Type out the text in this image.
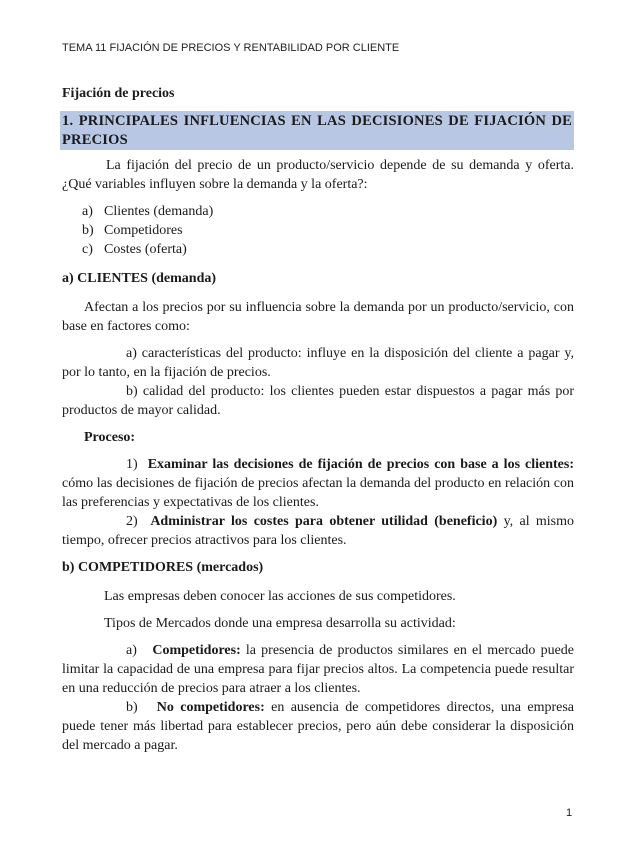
TEMA 11 FIJACIÓN DE PRECIOS Y RENTABILIDAD POR CLIENTE

Fijación de precios

1. PRINCIPALES INFLUENCIAS EN LAS DECISIONES DE FIJACIÓN DE PRECIOS

La fijación del precio de un producto/servicio depende de su demanda y oferta. ¿Qué variables influyen sobre la demanda y la oferta?:

a) Clientes (demanda)
b) Competidores
c) Costes (oferta)

a) CLIENTES (demanda)

Afectan a los precios por su influencia sobre la demanda por un producto/servicio, con base en factores como:

a) características del producto: influye en la disposición del cliente a pagar y, por lo tanto, en la fijación de precios.

b) calidad del producto: los clientes pueden estar dispuestos a pagar más por productos de mayor calidad.

Proceso:

1) Examinar las decisiones de fijación de precios con base a los clientes: cómo las decisiones de fijación de precios afectan la demanda del producto en relación con las preferencias y expectativas de los clientes.

2) Administrar los costes para obtener utilidad (beneficio) y, al mismo tiempo, ofrecer precios atractivos para los clientes.

b) COMPETIDORES (mercados)

Las empresas deben conocer las acciones de sus competidores.

Tipos de Mercados donde una empresa desarrolla su actividad:

a) Competidores: la presencia de productos similares en el mercado puede limitar la capacidad de una empresa para fijar precios altos. La competencia puede resultar en una reducción de precios para atraer a los clientes.

b) No competidores: en ausencia de competidores directos, una empresa puede tener más libertad para establecer precios, pero aún debe considerar la disposición del mercado a pagar.

1
